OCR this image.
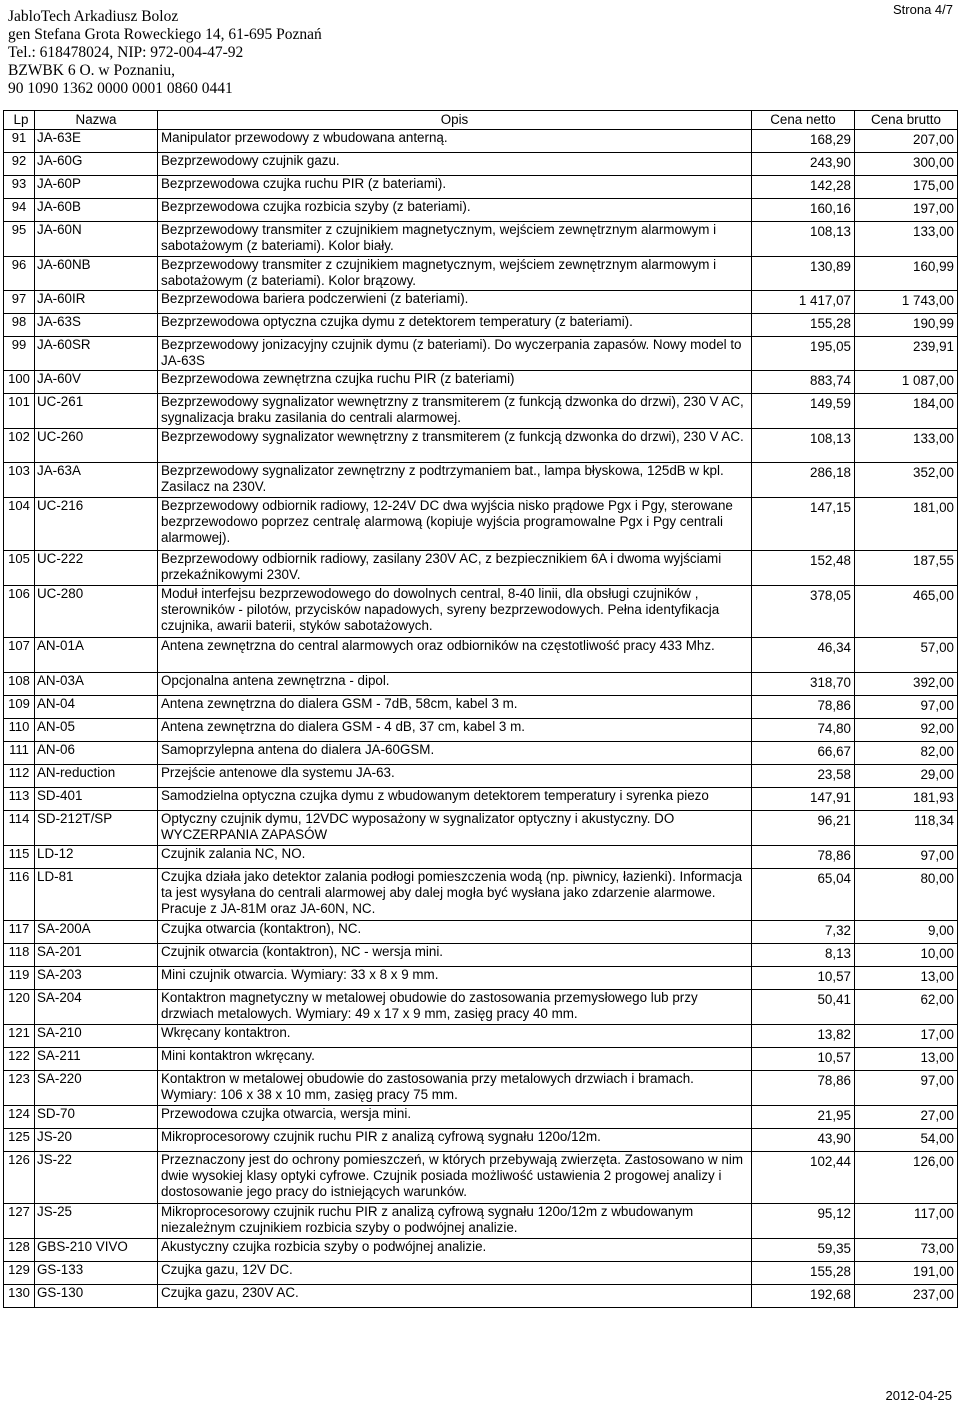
JabloTech Arkadiusz Boloz
gen Stefana Grota Roweckiego 14, 61-695 Poznań
Tel.: 618478024, NIP: 972-004-47-92
BZWBK 6 O. w Poznaniu,
90 1090 1362 0000 0001 0860 0441
Strona 4/7
Lp	Nazwa	Opis	Cena netto	Cena brutto
91	JA-63E	Manipulator przewodowy z wbudowana anterną.	168,29	207,00
92	JA-60G	Bezprzewodowy czujnik gazu.	243,90	300,00
93	JA-60P	Bezprzewodowa czujka ruchu PIR (z bateriami).	142,28	175,00
94	JA-60B	Bezprzewodowa czujka rozbicia szyby (z bateriami).	160,16	197,00
95	JA-60N	Bezprzewodowy transmiter z czujnikiem magnetycznym, wejściem zewnętrznym alarmowym i sabotażowym (z bateriami). Kolor biały.	108,13	133,00
96	JA-60NB	Bezprzewodowy transmiter z czujnikiem magnetycznym, wejściem zewnętrznym alarmowym i sabotażowym (z bateriami). Kolor brązowy.	130,89	160,99
97	JA-60IR	Bezprzewodowa bariera podczerwieni (z bateriami).	1 417,07	1 743,00
98	JA-63S	Bezprzewodowa optyczna czujka dymu z detektorem temperatury (z bateriami).	155,28	190,99
99	JA-60SR	Bezprzewodowy jonizacyjny czujnik dymu (z bateriami). Do wyczerpania zapasów. Nowy model to JA-63S	195,05	239,91
100	JA-60V	Bezprzewodowa zewnętrzna czujka ruchu PIR (z bateriami)	883,74	1 087,00
101	UC-261	Bezprzewodowy sygnalizator wewnętrzny z transmiterem (z funkcją dzwonka do drzwi), 230 V AC, sygnalizacja braku zasilania do centrali alarmowej.	149,59	184,00
102	UC-260	Bezprzewodowy sygnalizator wewnętrzny z transmiterem (z funkcją dzwonka do drzwi), 230 V AC.	108,13	133,00
103	JA-63A	Bezprzewodowy sygnalizator zewnętrzny z podtrzymaniem bat., lampa błyskowa, 125dB w kpl. Zasilacz na 230V.	286,18	352,00
104	UC-216	Bezprzewodowy odbiornik radiowy, 12-24V DC dwa wyjścia nisko prądowe Pgx i Pgy, sterowane bezprzewodowo poprzez centralę alarmową (kopiuje wyjścia programowalne Pgx i Pgy centrali alarmowej).	147,15	181,00
105	UC-222	Bezprzewodowy odbiornik radiowy, zasilany 230V AC, z bezpiecznikiem 6A i dwoma wyjściami przekaźnikowymi 230V.	152,48	187,55
106	UC-280	Moduł interfejsu bezprzewodowego do dowolnych central, 8-40 linii, dla obsługi czujników , sterowników - pilotów, przycisków napadowych, syreny bezprzewodowych. Pełna identyfikacja czujnika, awarii baterii, styków sabotażowych.	378,05	465,00
107	AN-01A	Antena zewnętrzna do central alarmowych oraz odbiorników na częstotliwość pracy 433 Mhz.	46,34	57,00
108	AN-03A	Opcjonalna antena zewnętrzna - dipol.	318,70	392,00
109	AN-04	Antena zewnętrzna do dialera GSM - 7dB, 58cm, kabel 3 m.	78,86	97,00
110	AN-05	Antena zewnętrzna do dialera GSM - 4 dB, 37 cm, kabel 3 m.	74,80	92,00
111	AN-06	Samoprzylepna antena do dialera JA-60GSM.	66,67	82,00
112	AN-reduction	Przejście antenowe dla systemu JA-63.	23,58	29,00
113	SD-401	Samodzielna optyczna czujka dymu z wbudowanym detektorem temperatury i syrenka piezo	147,91	181,93
114	SD-212T/SP	Optyczny czujnik dymu, 12VDC wyposażony w sygnalizator optyczny i akustyczny. DO WYCZERPANIA ZAPASÓW	96,21	118,34
115	LD-12	Czujnik zalania NC, NO.	78,86	97,00
116	LD-81	Czujka działa jako detektor zalania podłogi pomieszczenia wodą (np. piwnicy, łazienki). Informacja ta jest wysyłana do centrali alarmowej aby dalej mogła być wysłana jako zdarzenie alarmowe. Pracuje z JA-81M oraz JA-60N, NC.	65,04	80,00
117	SA-200A	Czujka otwarcia (kontaktron), NC.	7,32	9,00
118	SA-201	Czujnik otwarcia (kontaktron), NC - wersja mini.	8,13	10,00
119	SA-203	Mini czujnik otwarcia. Wymiary: 33 x 8 x 9 mm.	10,57	13,00
120	SA-204	Kontaktron magnetyczny w metalowej obudowie do zastosowania przemysłowego lub przy drzwiach metalowych. Wymiary: 49 x 17 x 9 mm, zasięg pracy 40 mm.	50,41	62,00
121	SA-210	Wkręcany kontaktron.	13,82	17,00
122	SA-211	Mini kontaktron wkręcany.	10,57	13,00
123	SA-220	Kontaktron w metalowej obudowie do zastosowania przy metalowych drzwiach i bramach. Wymiary: 106 x 38 x 10 mm, zasięg pracy 75 mm.	78,86	97,00
124	SD-70	Przewodowa czujka otwarcia, wersja mini.	21,95	27,00
125	JS-20	Mikroprocesorowy czujnik ruchu PIR z analizą cyfrową sygnału 120o/12m.	43,90	54,00
126	JS-22	Przeznaczony jest do ochrony pomieszczeń, w których przebywają zwierzęta. Zastosowano w nim dwie wysokiej klasy optyki cyfrowe. Czujnik posiada możliwość ustawienia 2 progowej analizy i dostosowanie jego pracy do istniejących warunków.	102,44	126,00
127	JS-25	Mikroprocesorowy czujnik ruchu PIR z analizą cyfrową sygnału 120o/12m z wbudowanym niezależnym czujnikiem rozbicia szyby o podwójnej analizie.	95,12	117,00
128	GBS-210 VIVO	Akustyczny czujka rozbicia szyby o podwójnej analizie.	59,35	73,00
129	GS-133	Czujka gazu, 12V DC.	155,28	191,00
130	GS-130	Czujka gazu, 230V AC.	192,68	237,00
2012-04-25
